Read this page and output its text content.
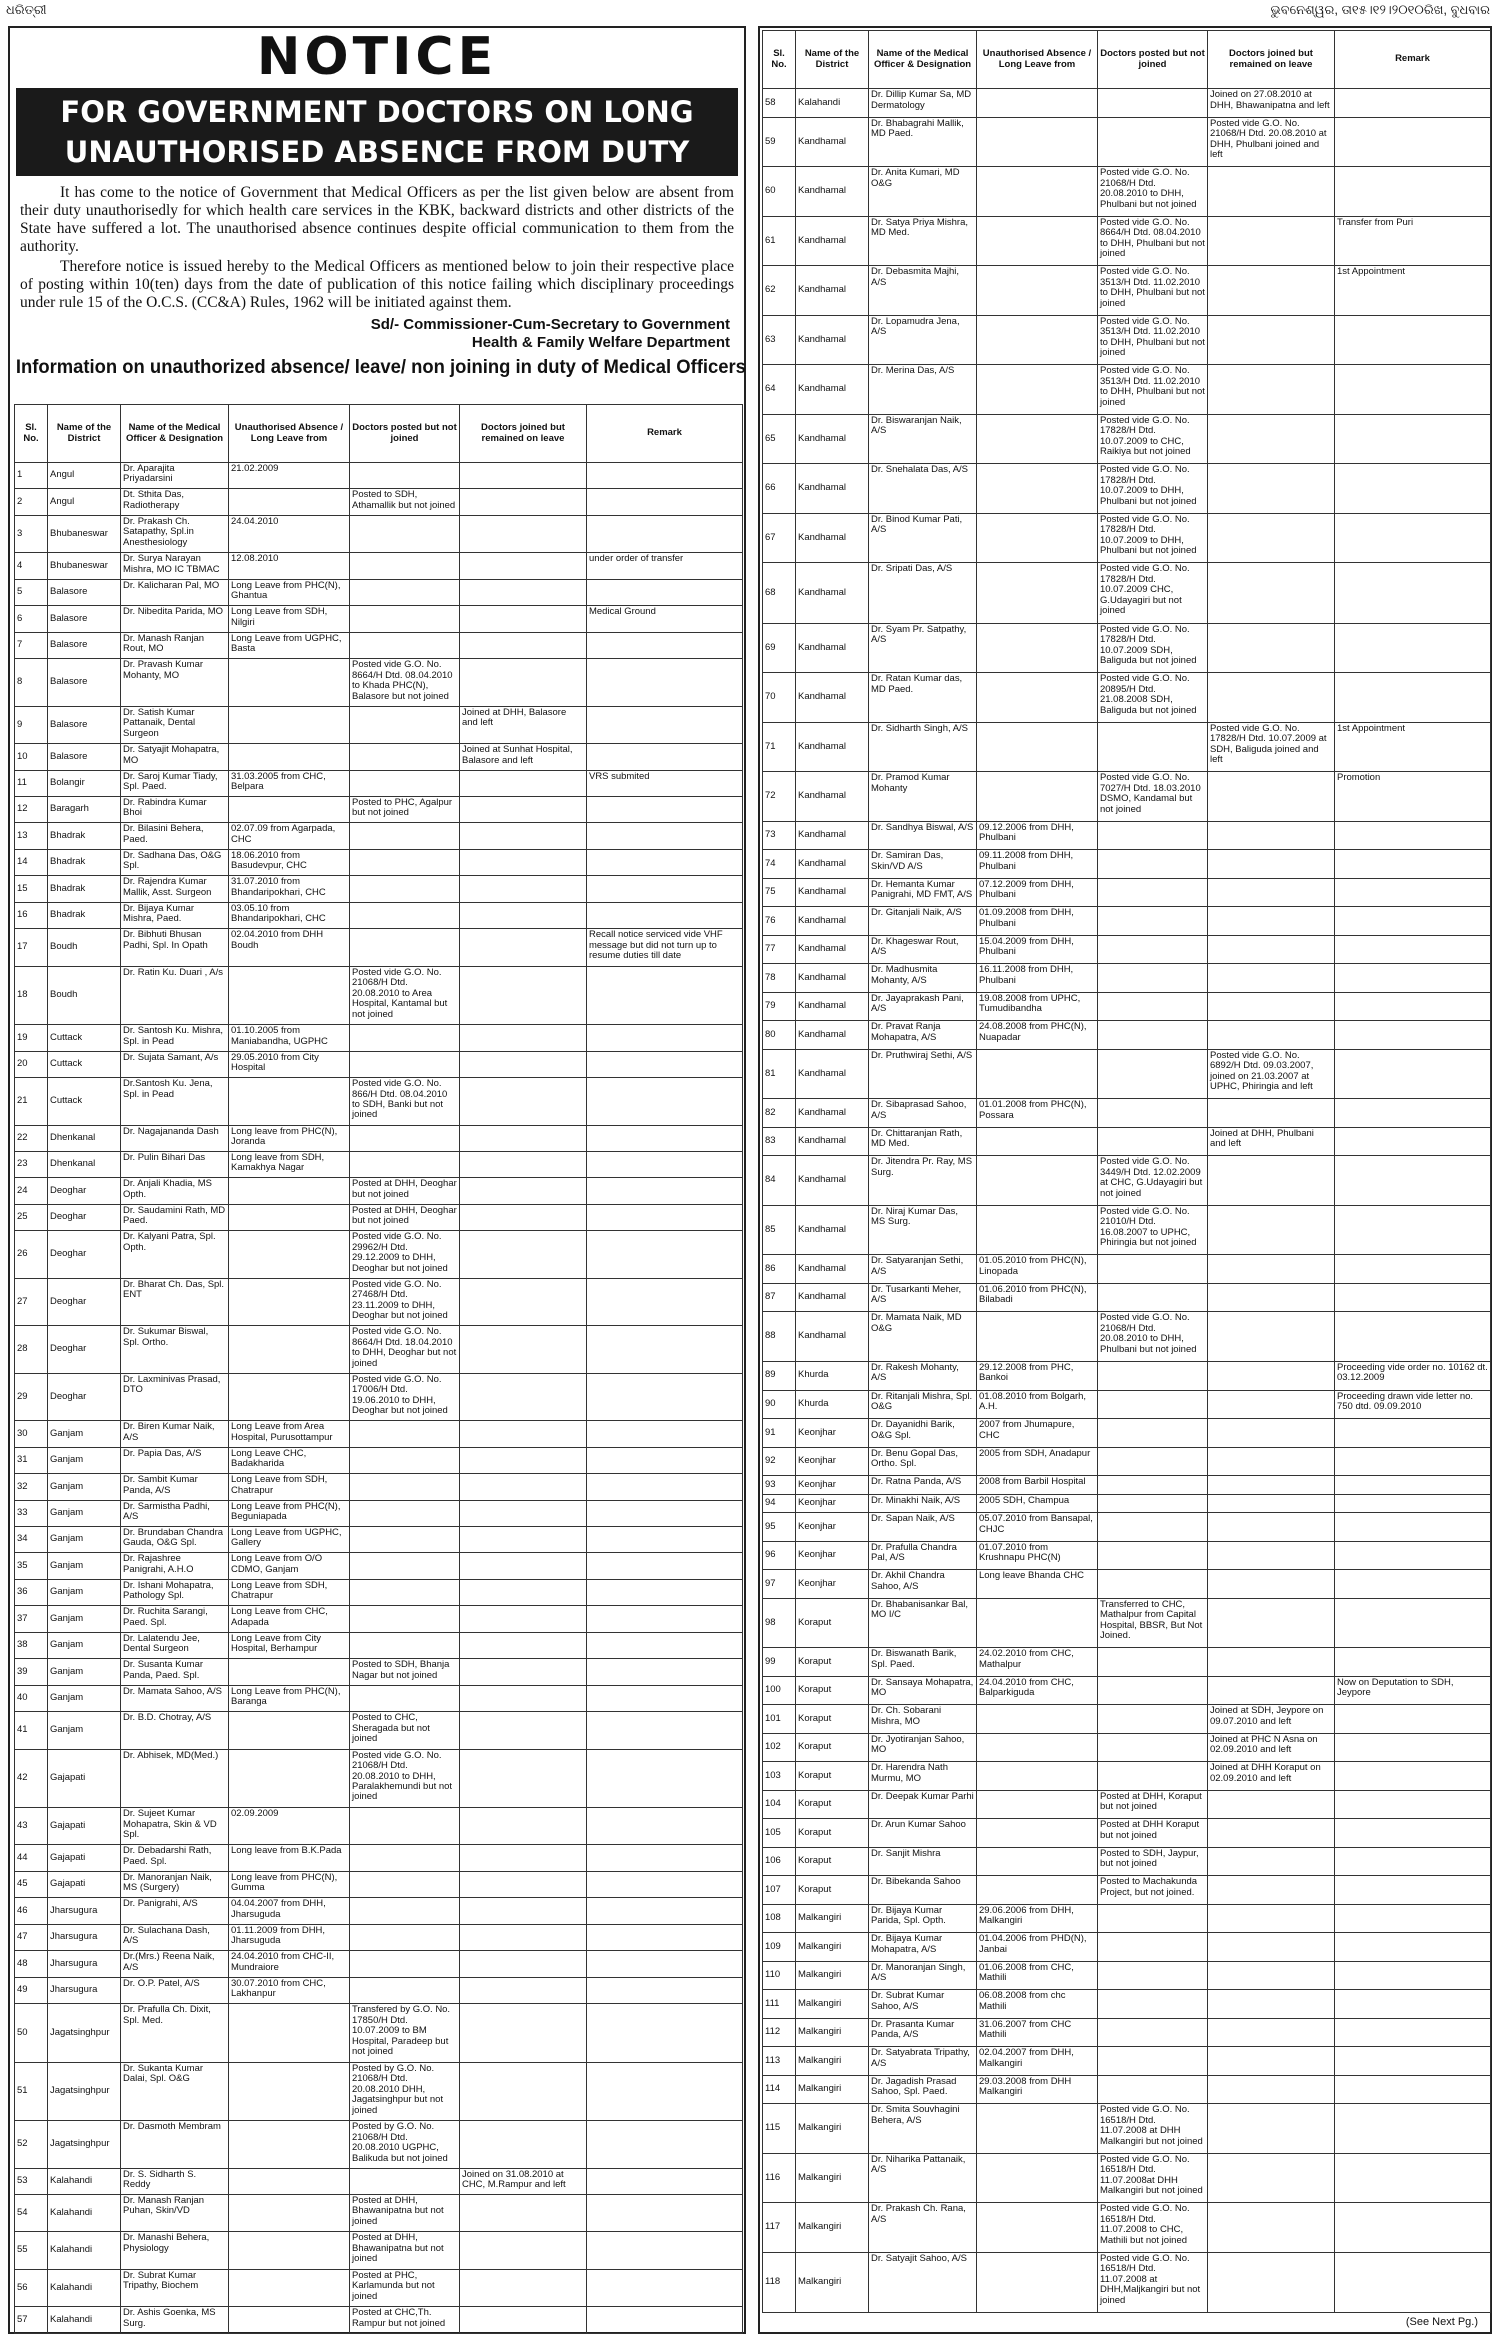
ଧରିତ୍ରୀ	ଭୁବନେଶ୍ୱର, ତା୧୫।୧୨।୨୦୧୦ରିଖ, ବୁଧବାର
NOTICE
FOR GOVERNMENT DOCTORS ON LONG
UNAUTHORISED ABSENCE FROM DUTY

It has come to the notice of Government that Medical Officers as per the list given below are absent from their duty unauthorisedly for which health care services in the KBK, backward districts and other districts of the State have suffered a lot. The unauthorised absence continues despite official communication to them from the authority.

Therefore notice is issued hereby to the Medical Officers as mentioned below to join their respective place of posting within 10(ten) days from the date of publication of this notice failing which disciplinary proceedings under rule 15 of the O.C.S. (CC&A) Rules, 1962 will be initiated against them.

Sd/- Commissioner-Cum-Secretary to Government
Health & Family Welfare Department
Information on unauthorized absence/ leave/ non joining in duty of Medical Officers
Sl. No.	Name of the District	Name of the Medical Officer & Designation	Unauthorised Absence / Long Leave from	Doctors posted but not joined	Doctors joined but remained on leave	Remark
1	Angul	Dr. Aparajita Priyadarsini	21.02.2009			
2	Angul	Dt. Sthita Das, Radiotherapy		Posted to SDH, Athamallik but not joined		
3	Bhubaneswar	Dr. Prakash Ch. Satapathy, Spl.in Anesthesiology	24.04.2010			
4	Bhubaneswar	Dr. Surya Narayan Mishra, MO IC TBMAC	12.08.2010			under order of transfer
5	Balasore	Dr. Kalicharan Pal, MO	Long Leave from PHC(N), Ghantua			
6	Balasore	Dr. Nibedita Parida, MO	Long Leave from SDH, Nilgiri			Medical Ground
7	Balasore	Dr. Manash Ranjan Rout, MO	Long Leave from UGPHC, Basta			
8	Balasore	Dr. Pravash Kumar Mohanty, MO		Posted vide G.O. No. 8664/H Dtd. 08.04.2010 to Khada PHC(N), Balasore but not joined		
9	Balasore	Dr. Satish Kumar Pattanaik, Dental Surgeon			Joined at DHH, Balasore and left	
10	Balasore	Dr. Satyajit Mohapatra, MO			Joined at Sunhat Hospital, Balasore and left	
11	Bolangir	Dr. Saroj Kumar Tiady, Spl. Paed.	31.03.2005 from CHC, Belpara			VRS submited
12	Baragarh	Dr. Rabindra Kumar Bhoi		Posted to PHC, Agalpur but not joined		
13	Bhadrak	Dr. Bilasini Behera, Paed.	02.07.09 from Agarpada, CHC			
14	Bhadrak	Dr. Sadhana Das, O&G Spl.	18.06.2010 from Basudevpur, CHC			
15	Bhadrak	Dr. Rajendra Kumar Mallik, Asst. Surgeon	31.07.2010 from Bhandaripokhari, CHC			
16	Bhadrak	Dr. Bijaya Kumar Mishra, Paed.	03.05.10 from Bhandaripokhari, CHC			
17	Boudh	Dr. Bibhuti Bhusan Padhi, Spl. In Opath	02.04.2010 from DHH Boudh			Recall notice serviced vide VHF message but did not turn up to resume duties till date
18	Boudh	Dr. Ratin Ku. Duari , A/s		Posted vide G.O. No. 21068/H Dtd. 20.08.2010 to Area Hospital, Kantamal but not joined		
19	Cuttack	Dr. Santosh Ku. Mishra, Spl. in Pead	01.10.2005 from Maniabandha, UGPHC			
20	Cuttack	Dr. Sujata Samant, A/s	29.05.2010 from City Hospital			
21	Cuttack	Dr.Santosh Ku. Jena, Spl. in Pead		Posted vide G.O. No. 866/H Dtd. 08.04.2010 to SDH, Banki but not joined		
22	Dhenkanal	Dr. Nagajananda Dash	Long leave from PHC(N), Joranda			
23	Dhenkanal	Dr. Pulin Bihari Das	Long leave from SDH, Kamakhya Nagar			
24	Deoghar	Dr. Anjali Khadia, MS Opth.		Posted at DHH, Deoghar but not joined		
25	Deoghar	Dr. Saudamini Rath, MD Paed.		Posted at DHH, Deoghar but not joined		
26	Deoghar	Dr. Kalyani Patra, Spl. Opth.		Posted vide G.O. No. 29962/H Dtd. 29.12.2009 to DHH, Deoghar but not joined		
27	Deoghar	Dr. Bharat Ch. Das, Spl. ENT		Posted vide G.O. No. 27468/H Dtd. 23.11.2009 to DHH, Deoghar but not joined		
28	Deoghar	Dr. Sukumar Biswal, Spl. Ortho.		Posted vide G.O. No. 8664/H Dtd. 18.04.2010 to DHH, Deoghar but not joined		
29	Deoghar	Dr. Laxminivas Prasad, DTO		Posted vide G.O. No. 17006/H Dtd. 19.06.2010 to DHH, Deoghar but not joined		
30	Ganjam	Dr. Biren Kumar Naik, A/S	Long Leave from Area Hospital, Purusottampur			
31	Ganjam	Dr. Papia Das, A/S	Long Leave CHC, Badakharida			
32	Ganjam	Dr. Sambit Kumar Panda, A/S	Long Leave from SDH, Chatrapur			
33	Ganjam	Dr. Sarmistha Padhi, A/S	Long Leave from PHC(N), Beguniapada			
34	Ganjam	Dr. Brundaban Chandra Gauda, O&G Spl.	Long Leave from UGPHC, Gallery			
35	Ganjam	Dr. Rajashree Panigrahi, A.H.O	Long Leave from O/O CDMO, Ganjam			
36	Ganjam	Dr. Ishani Mohapatra, Pathology Spl.	Long Leave from SDH, Chatrapur			
37	Ganjam	Dr. Ruchita Sarangi, Paed. Spl.	Long Leave from CHC, Adapada			
38	Ganjam	Dr. Lalatendu Jee, Dental Surgeon	Long Leave from City Hospital, Berhampur			
39	Ganjam	Dr. Susanta Kumar Panda, Paed. Spl.		Posted to SDH, Bhanja Nagar but not joined		
40	Ganjam	Dr. Mamata Sahoo, A/S	Long Leave from PHC(N), Baranga			
41	Ganjam	Dr. B.D. Chotray, A/S		Posted to CHC, Sheragada but not joined		
42	Gajapati	Dr. Abhisek, MD(Med.)		Posted vide G.O. No. 21068/H Dtd. 20.08.2010 to DHH, Paralakhemundi but not joined		
43	Gajapati	Dr. Sujeet Kumar Mohapatra, Skin & VD Spl.	02.09.2009			
44	Gajapati	Dr. Debadarshi Rath, Paed. Spl.	Long leave from B.K.Pada			
45	Gajapati	Dr. Manoranjan Naik, MS (Surgery)	Long leave from PHC(N), Gumma			
46	Jharsugura	Dr. Panigrahi, A/S	04.04.2007 from DHH, Jharsuguda			
47	Jharsugura	Dr. Sulachana Dash, A/S	01.11.2009 from DHH, Jharsuguda			
48	Jharsugura	Dr.(Mrs.) Reena Naik, A/S	24.04.2010 from CHC-II, Mundraiore			
49	Jharsugura	Dr. O.P. Patel, A/S	30.07.2010 from CHC, Lakhanpur			
50	Jagatsinghpur	Dr. Prafulla Ch. Dixit, Spl. Med.		Transfered by G.O. No. 17850/H Dtd. 10.07.2009 to BM Hospital, Paradeep but not joined		
51	Jagatsinghpur	Dr. Sukanta Kumar Dalai, Spl. O&G		Posted by G.O. No. 21068/H Dtd. 20.08.2010 DHH, Jagatsinghpur but not joined		
52	Jagatsinghpur	Dr. Dasmoth Membram		Posted by G.O. No. 21068/H Dtd. 20.08.2010 UGPHC, Balikuda but not joined		
53	Kalahandi	Dr. S. Sidharth S. Reddy			Joined on 31.08.2010 at CHC, M.Rampur and left	
54	Kalahandi	Dr. Manash Ranjan Puhan, Skin/VD		Posted at DHH, Bhawanipatna but not joined		
55	Kalahandi	Dr. Manashi Behera, Physiology		Posted at DHH, Bhawanipatna but not joined		
56	Kalahandi	Dr. Subrat Kumar Tripathy, Biochem		Posted at PHC, Karlamunda but not joined		
57	Kalahandi	Dr. Ashis Goenka, MS Surg.		Posted at CHC,Th. Rampur but not joined		
Sl. No.	Name of the District	Name of the Medical Officer & Designation	Unauthorised Absence / Long Leave from	Doctors posted but not joined	Doctors joined but remained on leave	Remark
58	Kalahandi	Dr. Dillip Kumar Sa, MD Dermatology			Joined on 27.08.2010 at DHH, Bhawanipatna and left	
59	Kandhamal	Dr. Bhabagrahi Mallik, MD Paed.			Posted vide G.O. No. 21068/H Dtd. 20.08.2010 at DHH, Phulbani joined and left	
60	Kandhamal	Dr. Anita Kumari, MD O&G		Posted vide G.O. No. 21068/H Dtd. 20.08.2010 to DHH, Phulbani but not joined		
61	Kandhamal	Dr. Satya Priya Mishra, MD Med.		Posted vide G.O. No. 8664/H Dtd. 08.04.2010 to DHH, Phulbani but not joined		Transfer from Puri
62	Kandhamal	Dr. Debasmita Majhi, A/S		Posted vide G.O. No. 3513/H Dtd. 11.02.2010 to DHH, Phulbani but not joined		1st Appointment
63	Kandhamal	Dr. Lopamudra Jena, A/S		Posted vide G.O. No. 3513/H Dtd. 11.02.2010 to DHH, Phulbani but not joined		
64	Kandhamal	Dr. Merina Das, A/S		Posted vide G.O. No. 3513/H Dtd. 11.02.2010 to DHH, Phulbani but not joined		
65	Kandhamal	Dr. Biswaranjan Naik, A/S		Posted vide G.O. No. 17828/H Dtd. 10.07.2009 to CHC, Raikiya but not joined		
66	Kandhamal	Dr. Snehalata Das, A/S		Posted vide G.O. No. 17828/H Dtd. 10.07.2009 to DHH, Phulbani but not joined		
67	Kandhamal	Dr. Binod Kumar Pati, A/S		Posted vide G.O. No. 17828/H Dtd. 10.07.2009 to DHH, Phulbani but not joined		
68	Kandhamal	Dr. Sripati Das, A/S		Posted vide G.O. No. 17828/H Dtd. 10.07.2009 CHC, G.Udayagiri but not joined		
69	Kandhamal	Dr. Syam Pr. Satpathy, A/S		Posted vide G.O. No. 17828/H Dtd. 10.07.2009 SDH, Baliguda but not joined		
70	Kandhamal	Dr. Ratan Kumar das, MD Paed.		Posted vide G.O. No. 20895/H Dtd. 21.08.2008 SDH, Baliguda but not joined		
71	Kandhamal	Dr. Sidharth Singh, A/S			Posted vide G.O. No. 17828/H Dtd. 10.07.2009 at SDH, Baliguda joined and left	1st Appointment
72	Kandhamal	Dr. Pramod Kumar Mohanty		Posted vide G.O. No. 7027/H Dtd. 18.03.2010 DSMO, Kandamal but not joined		Promotion
73	Kandhamal	Dr. Sandhya Biswal, A/S	09.12.2006 from DHH, Phulbani			
74	Kandhamal	Dr. Samiran Das, Skin/VD A/S	09.11.2008 from DHH, Phulbani			
75	Kandhamal	Dr. Hemanta Kumar Panigrahi, MD FMT, A/S	07.12.2009 from DHH, Phulbani			
76	Kandhamal	Dr. Gitanjali Naik, A/S	01.09.2008 from DHH, Phulbani			
77	Kandhamal	Dr. Khageswar Rout, A/S	15.04.2009 from DHH, Phulbani			
78	Kandhamal	Dr. Madhusmita Mohanty, A/S	16.11.2008 from DHH, Phulbani			
79	Kandhamal	Dr. Jayaprakash Pani, A/S	19.08.2008 from UPHC, Tumudibandha			
80	Kandhamal	Dr. Pravat Ranja Mohapatra, A/S	24.08.2008 from PHC(N), Nuapadar			
81	Kandhamal	Dr. Pruthwiraj Sethi, A/S			Posted vide G.O. No. 6892/H Dtd. 09.03.2007, joined on 21.03.2007 at UPHC, Phiringia and left	
82	Kandhamal	Dr. Sibaprasad Sahoo, A/S	01.01.2008 from PHC(N), Possara			
83	Kandhamal	Dr. Chittaranjan Rath, MD Med.			Joined at DHH, Phulbani and left	
84	Kandhamal	Dr. Jitendra Pr. Ray, MS Surg.		Posted vide G.O. No. 3449/H Dtd. 12.02.2009 at CHC, G.Udayagiri but not joined		
85	Kandhamal	Dr. Niraj Kumar Das, MS Surg.		Posted vide G.O. No. 21010/H Dtd. 16.08.2007 to UPHC, Phiringia but not joined		
86	Kandhamal	Dr. Satyaranjan Sethi, A/S	01.05.2010 from PHC(N), Linopada			
87	Kandhamal	Dr. Tusarkanti Meher, A/S	01.06.2010 from PHC(N), Bilabadi			
88	Kandhamal	Dr. Mamata Naik, MD O&G		Posted vide G.O. No. 21068/H Dtd. 20.08.2010 to DHH, Phulbani but not joined		
89	Khurda	Dr. Rakesh Mohanty, A/S	29.12.2008 from PHC, Bankoi			Proceeding vide order no. 10162 dt. 03.12.2009
90	Khurda	Dr. Ritanjali Mishra, Spl. O&G	01.08.2010 from Bolgarh, A.H.			Proceeding drawn vide letter no. 750 dtd. 09.09.2010
91	Keonjhar	Dr. Dayanidhi Barik, O&G Spl.	2007 from Jhumapure, CHC			
92	Keonjhar	Dr. Benu Gopal Das, Ortho. Spl.	2005 from SDH, Anadapur			
93	Keonjhar	Dr. Ratna Panda, A/S	2008 from Barbil Hospital			
94	Keonjhar	Dr. Minakhi Naik, A/S	2005 SDH, Champua			
95	Keonjhar	Dr. Sapan Naik, A/S	05.07.2010 from Bansapal, CHJC			
96	Keonjhar	Dr. Prafulla Chandra Pal, A/S	01.07.2010 from Krushnapu PHC(N)			
97	Keonjhar	Dr. Akhil Chandra Sahoo, A/S	Long leave Bhanda CHC			
98	Koraput	Dr. Bhabanisankar Bal, MO I/C		Transferred to CHC, Mathalpur from Capital Hospital, BBSR, But Not Joined.		
99	Koraput	Dr. Biswanath Barik, Spl. Paed.	24.02.2010 from CHC, Mathalpur			
100	Koraput	Dr. Sansaya Mohapatra, MO	24.04.2010 from CHC, Balparkiguda			Now on Deputation to SDH, Jeypore
101	Koraput	Dr. Ch. Sobarani Mishra, MO			Joined at SDH, Jeypore on 09.07.2010 and left	
102	Koraput	Dr. Jyotiranjan Sahoo, MO			Joined at PHC N Asna on 02.09.2010 and left	
103	Koraput	Dr. Harendra Nath Murmu, MO			Joined at DHH Koraput on 02.09.2010 and left	
104	Koraput	Dr. Deepak Kumar Parhi		Posted at DHH, Koraput but not joined		
105	Koraput	Dr. Arun Kumar Sahoo		Posted at DHH Koraput but not joined		
106	Koraput	Dr. Sanjit Mishra		Posted to SDH, Jaypur, but not joined		
107	Koraput	Dr. Bibekanda Sahoo		Posted to Machakunda Project, but not joined.		
108	Malkangiri	Dr. Bijaya Kumar Parida, Spl. Opth.	29.06.2006 from DHH, Malkangiri			
109	Malkangiri	Dr. Bijaya Kumar Mohapatra, A/S	01.04.2006 from PHD(N), Janbai			
110	Malkangiri	Dr. Manoranjan Singh, A/S	01.06.2008 from CHC, Mathili			
111	Malkangiri	Dr. Subrat Kumar Sahoo, A/S	06.08.2008 from chc Mathili			
112	Malkangiri	Dr. Prasanta Kumar Panda, A/S	31.06.2007 from CHC Mathili			
113	Malkangiri	Dr. Satyabrata Tripathy, A/S	02.04.2007 from DHH, Malkangiri			
114	Malkangiri	Dr. Jagadish Prasad Sahoo, Spl. Paed.	29.03.2008 from DHH Malkangiri			
115	Malkangiri	Dr. Smita Souvhagini Behera, A/S		Posted vide G.O. No. 16518/H Dtd. 11.07.2008 at DHH Malkangiri but not joined		
116	Malkangiri	Dr. Niharika Pattanaik, A/S		Posted vide G.O. No. 16518/H Dtd. 11.07.2008at DHH Malkangiri but not joined		
117	Malkangiri	Dr. Prakash Ch. Rana, A/S		Posted vide G.O. No. 16518/H Dtd. 11.07.2008 to CHC, Mathili but not joined		
118	Malkangiri	Dr. Satyajit Sahoo, A/S		Posted vide G.O. No. 16518/H Dtd. 11.07.2008 at DHH,Maljkangiri but not joined		
(See Next Pg.)
